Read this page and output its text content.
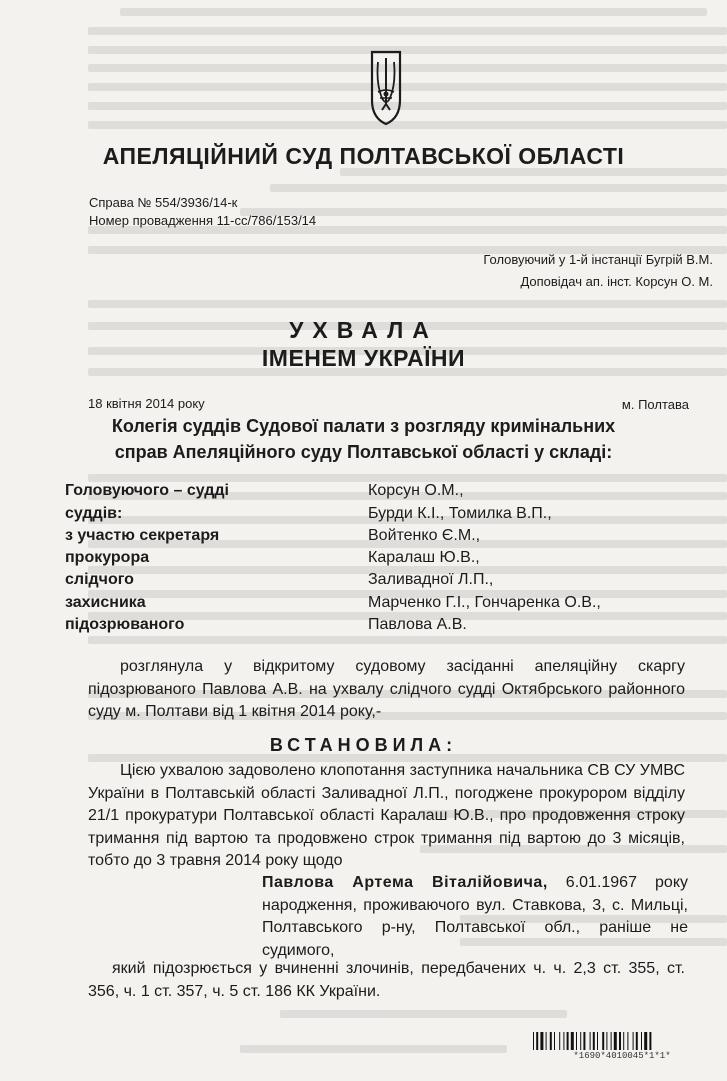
АПЕЛЯЦІЙНИЙ СУД ПОЛТАВСЬКОЇ ОБЛАСТІ
Справа № 554/3936/14-к
Номер провадження 11-сс/786/153/14
Головуючий у 1-й інстанції Бугрій В.М.
Доповідач ап. інст. Корсун О. М.
УХВАЛА
ІМЕНЕМ УКРАЇНИ
18 квітня 2014 року	м. Полтава
Колегія суддів Судової палати з розгляду кримінальних
справ Апеляційного суду Полтавської області у складі:
Головуючого – судді	Корсун О.М.,
суддів:	Бурди К.І., Томилка В.П.,
з участю секретаря	Войтенко Є.М.,
прокурора	Каралаш Ю.В.,
слідчого	Заливадної Л.П.,
захисника	Марченко Г.І., Гончаренка О.В.,
підозрюваного	Павлова А.В.
розглянула у відкритому судовому засіданні апеляційну скаргу підозрюваного Павлова А.В. на ухвалу слідчого судді Октябрського районного суду м. Полтави від 1 квітня 2014 року,-
ВСТАНОВИЛА:
Цією ухвалою задоволено клопотання заступника начальника СВ СУ УМВС України в Полтавській області Заливадної Л.П., погоджене прокурором відділу 21/1 прокуратури Полтавської області Каралаш Ю.В., про продовження строку тримання під вартою та продовжено строк тримання під вартою до 3 місяців, тобто до 3 травня 2014 року щодо
Павлова Артема Віталійовича, 6.01.1967 року народження, проживаючого вул. Ставкова, 3, с. Мильці, Полтавського р-ну, Полтавської обл., раніше не судимого,
який підозрюється у вчиненні злочинів, передбачених ч. ч. 2,3 ст. 355, ст. 356, ч. 1 ст. 357, ч. 5 ст. 186 КК України.
*1690*4010045*1*1*
